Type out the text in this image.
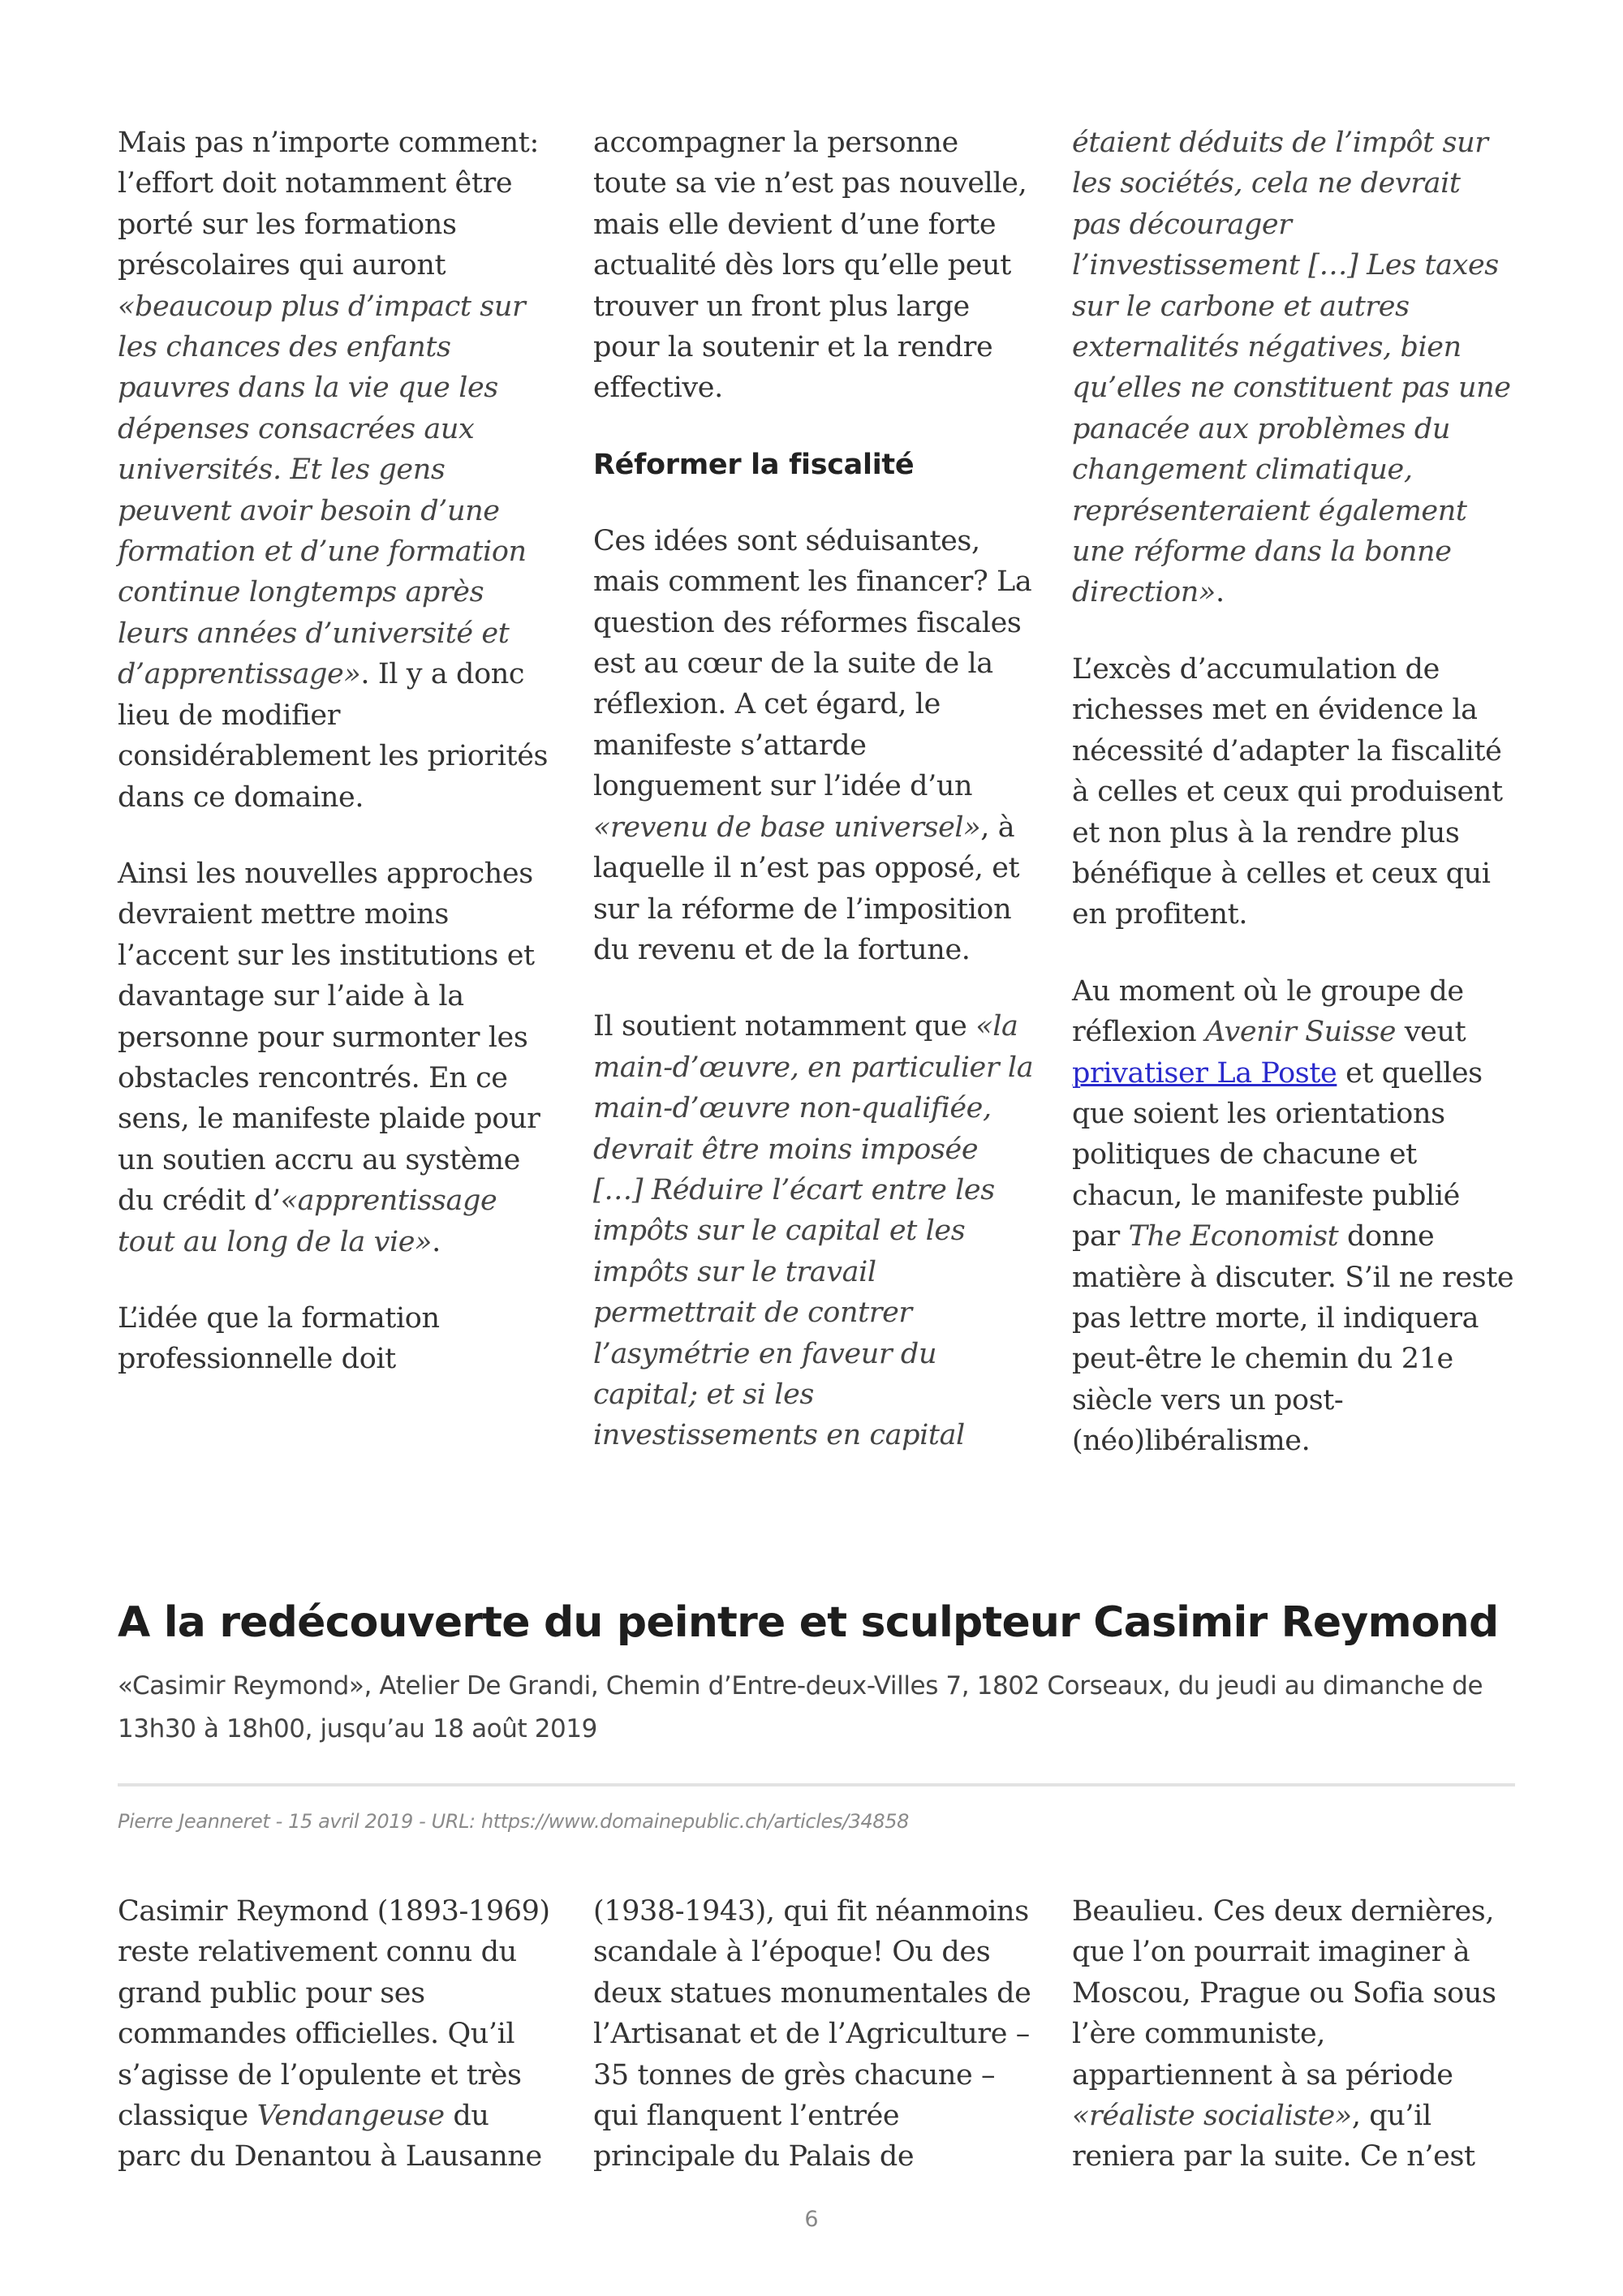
Mais pas n’importe comment: l’effort doit notamment être porté sur les formations préscolaires qui auront «beaucoup plus d’impact sur les chances des enfants pauvres dans la vie que les dépenses consacrées aux universités. Et les gens peuvent avoir besoin d’une formation et d’une formation continue longtemps après leurs années d’université et d’apprentissage». Il y a donc lieu de modifier considérablement les priorités dans ce domaine.

Ainsi les nouvelles approches devraient mettre moins l’accent sur les institutions et davantage sur l’aide à la personne pour surmonter les obstacles rencontrés. En ce sens, le manifeste plaide pour un soutien accru au système du crédit d’«apprentissage tout au long de la vie».

L’idée que la formation professionnelle doit

accompagner la personne toute sa vie n’est pas nouvelle, mais elle devient d’une forte actualité dès lors qu’elle peut trouver un front plus large pour la soutenir et la rendre effective.

Réformer la fiscalité

Ces idées sont séduisantes, mais comment les financer? La question des réformes fiscales est au cœur de la suite de la réflexion. A cet égard, le manifeste s’attarde longuement sur l’idée d’un «revenu de base universel», à laquelle il n’est pas opposé, et sur la réforme de l’imposition du revenu et de la fortune.

Il soutient notamment que «la main-d’œuvre, en particulier la main-d’œuvre non-qualifiée, devrait être moins imposée […] Réduire l’écart entre les impôts sur le capital et les impôts sur le travail permettrait de contrer l’asymétrie en faveur du capital; et si les investissements en capital

étaient déduits de l’impôt sur les sociétés, cela ne devrait pas décourager l’investissement […] Les taxes sur le carbone et autres externalités négatives, bien qu’elles ne constituent pas une panacée aux problèmes du changement climatique, représenteraient également une réforme dans la bonne direction».

L’excès d’accumulation de richesses met en évidence la nécessité d’adapter la fiscalité à celles et ceux qui produisent et non plus à la rendre plus bénéfique à celles et ceux qui en profitent.

Au moment où le groupe de réflexion Avenir Suisse veut privatiser La Poste et quelles que soient les orientations politiques de chacune et chacun, le manifeste publié par The Economist donne matière à discuter. S’il ne reste pas lettre morte, il indiquera peut-être le chemin du 21e siècle vers un post-(néo)libéralisme.

A la redécouverte du peintre et sculpteur Casimir Reymond

«Casimir Reymond», Atelier De Grandi, Chemin d’Entre-deux-Villes 7, 1802 Corseaux, du jeudi au dimanche de 13h30 à 18h00, jusqu’au 18 août 2019

Pierre Jeanneret - 15 avril 2019 - URL: https://www.domainepublic.ch/articles/34858

Casimir Reymond (1893-1969) reste relativement connu du grand public pour ses commandes officielles. Qu’il s’agisse de l’opulente et très classique Vendangeuse du parc du Denantou à Lausanne

(1938-1943), qui fit néanmoins scandale à l’époque! Ou des deux statues monumentales de l’Artisanat et de l’Agriculture – 35 tonnes de grès chacune – qui flanquent l’entrée principale du Palais de

Beaulieu. Ces deux dernières, que l’on pourrait imaginer à Moscou, Prague ou Sofia sous l’ère communiste, appartiennent à sa période «réaliste socialiste», qu’il reniera par la suite. Ce n’est

6
